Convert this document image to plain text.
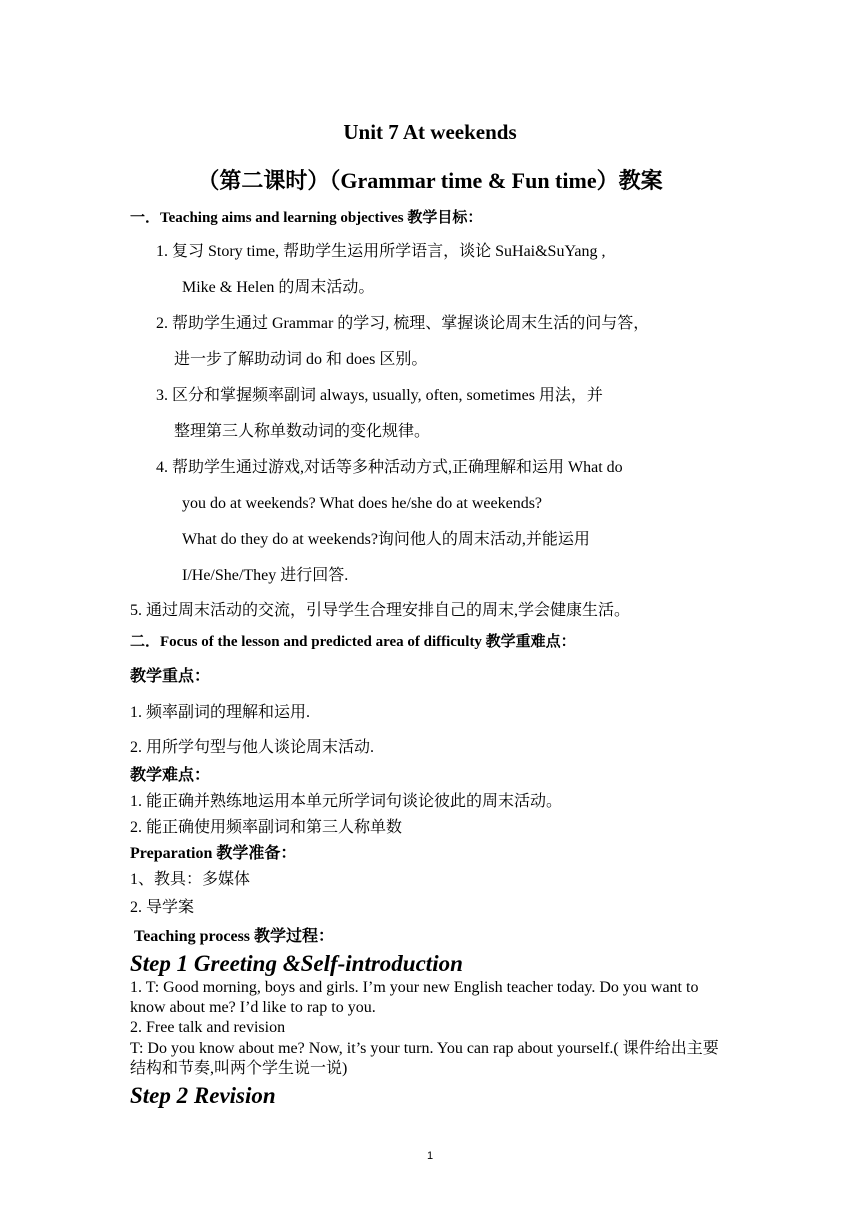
Unit 7 At weekends
（第二课时）（Grammar time & Fun time）教案
一．Teaching aims and learning objectives 教学目标：
1. 复习 Story time, 帮助学生运用所学语言，谈论 SuHai&SuYang ,
Mike & Helen 的周末活动。
2. 帮助学生通过 Grammar 的学习, 梳理、掌握谈论周末生活的问与答，
进一步了解助动词 do 和 does 区别。
3. 区分和掌握频率副词 always, usually, often, sometimes 用法，并
整理第三人称单数动词的变化规律。
4. 帮助学生通过游戏,对话等多种活动方式,正确理解和运用 What do
you do at weekends? What does he/she do at weekends?
What do they do at weekends?询问他人的周末活动,并能运用
I/He/She/They 进行回答.
5. 通过周末活动的交流，引导学生合理安排自己的周末,学会健康生活。
二．Focus of the lesson and predicted area of difficulty 教学重难点：
教学重点：
1. 频率副词的理解和运用.
2. 用所学句型与他人谈论周末活动.
教学难点：
1. 能正确并熟练地运用本单元所学词句谈论彼此的周末活动。
2. 能正确使用频率副词和第三人称单数
Preparation 教学准备：
1、教具：多媒体
2. 导学案
Teaching process 教学过程：
Step 1 Greeting &Self-introduction
1. T: Good morning, boys and girls. I’m your new English teacher today. Do you want to know about me? I’d like to rap to you.
2. Free talk and revision
T: Do you know about me? Now, it’s your turn. You can rap about yourself.( 课件给出主要结构和节奏,叫两个学生说一说)
Step 2 Revision
1
